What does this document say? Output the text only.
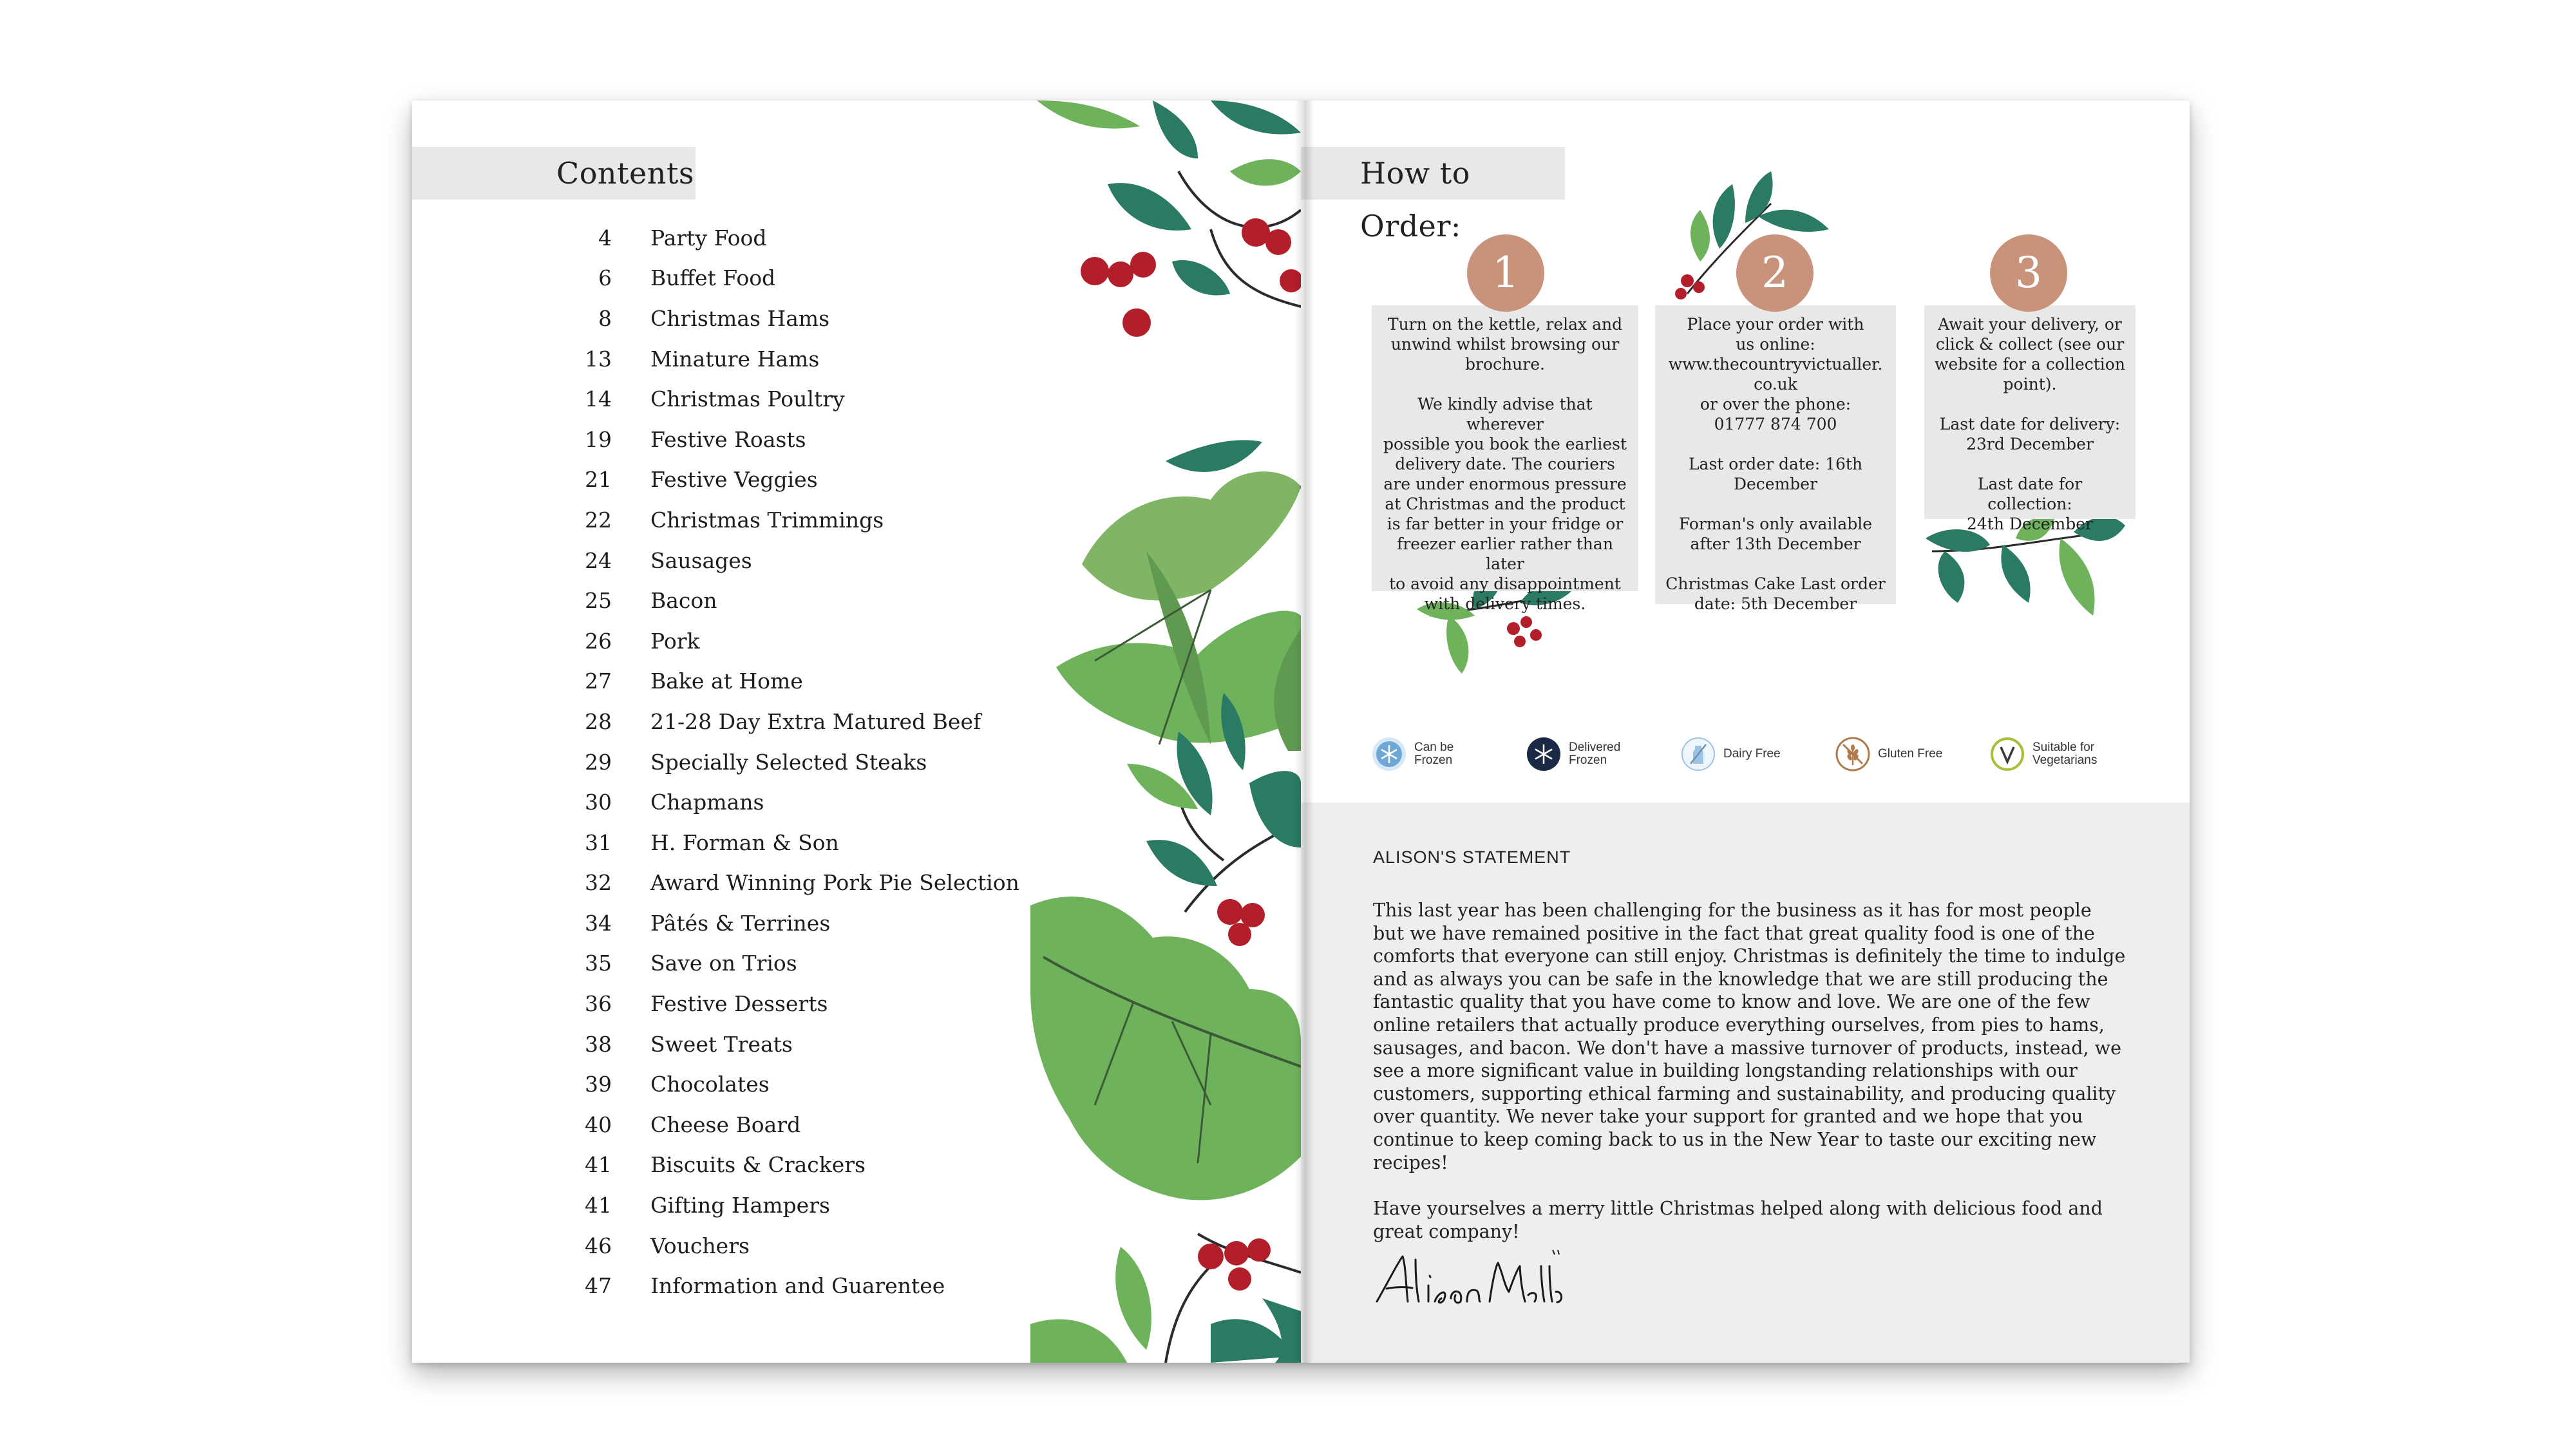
Contents
4	Party Food
6	Buffet Food
8	Christmas Hams
13	Minature Hams
14	Christmas Poultry
19	Festive Roasts
21	Festive Veggies
22	Christmas Trimmings
24	Sausages
25	Bacon
26	Pork
27	Bake at Home
28	21-28 Day Extra Matured Beef
29	Specially Selected Steaks
30	Chapmans
31	H. Forman & Son
32	Award Winning Pork Pie Selection
34	Pâtés & Terrines
35	Save on Trios
36	Festive Desserts
38	Sweet Treats
39	Chocolates
40	Cheese Board
41	Biscuits & Crackers
41	Gifting Hampers
46	Vouchers
47	Information and Guarentee
How to Order:
Turn on the kettle, relax and
unwind whilst browsing our
brochure.

We kindly advise that wherever
possible you book the earliest
delivery date. The couriers
are under enormous pressure
at Christmas and the product
is far better in your fridge or
freezer earlier rather than later
to avoid any disappointment
with delivery times.
1
Place your order with
us online:
www.thecountryvictualler.
co.uk
or over the phone:
01777 874 700

Last order date: 16th
December

Forman's only available
after 13th December

Christmas Cake Last order
date: 5th December
2
Await your delivery, or
click & collect (see our
website for a collection
point).

Last date for delivery:
23rd December

Last date for collection:
24th December
3
Can be
Frozen
Delivered
Frozen	Dairy Free	Gluten Free	Suitable for
Vegetarians
ALISON'S STATEMENT

This last year has been challenging for the business as it has for most people but we have remained positive in the fact that great quality food is one of the comforts that everyone can still enjoy. Christmas is definitely the time to indulge and as always you can be safe in the knowledge that we are still producing the fantastic quality that you have come to know and love. We are one of the few online retailers that actually produce everything ourselves, from pies to hams, sausages, and bacon. We don't have a massive turnover of products, instead, we see a more significant value in building longstanding relationships with our customers, supporting ethical farming and sustainability, and producing quality over quantity. We never take your support for granted and we hope that you continue to keep coming back to us in the New Year to taste our exciting new recipes!

Have yourselves a merry little Christmas helped along with delicious food and great company!
